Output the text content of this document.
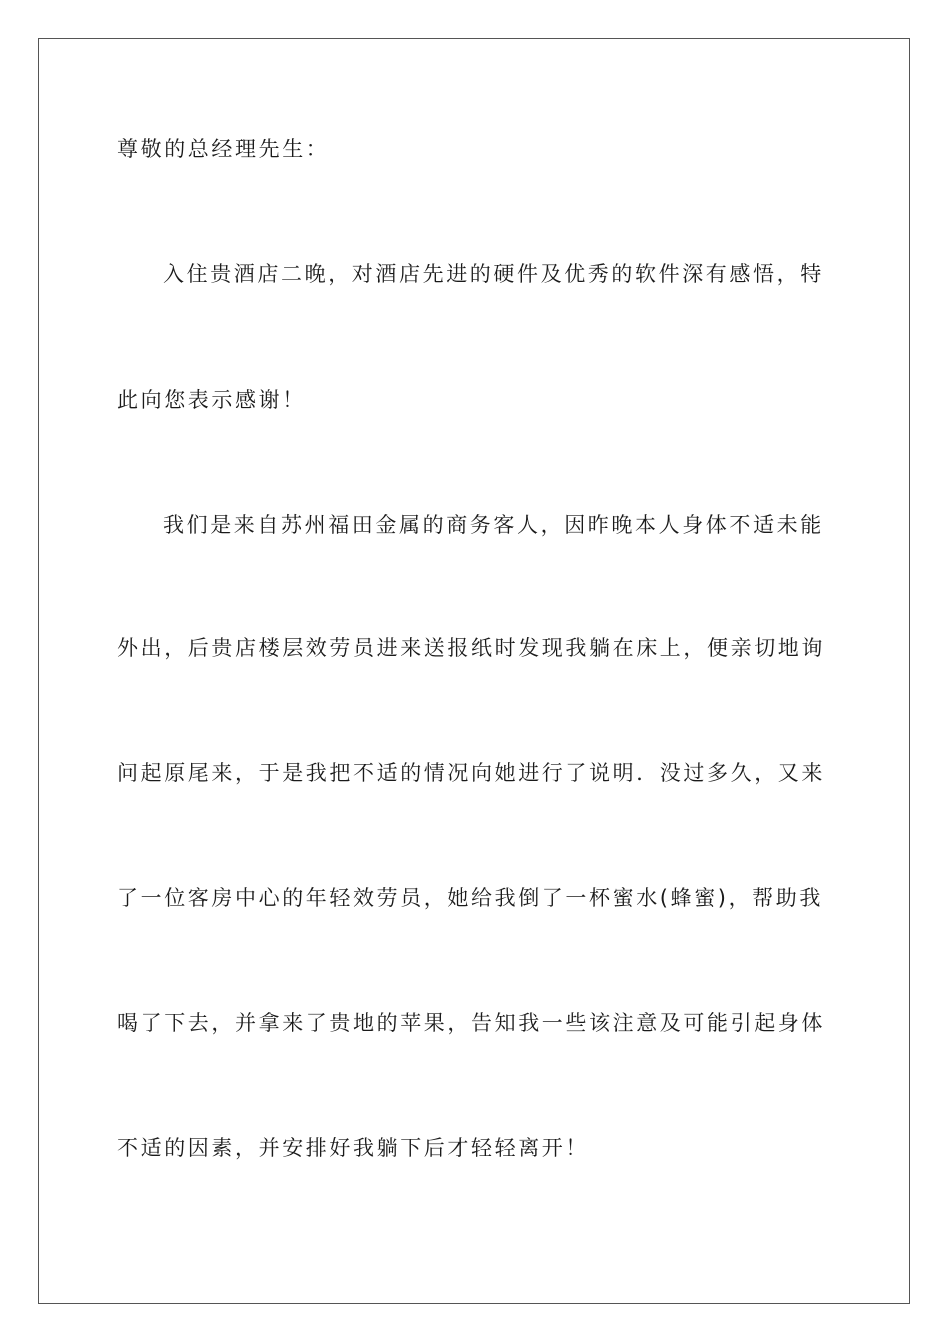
尊敬的总经理先生：
入住贵酒店二晚，对酒店先进的硬件及优秀的软件深有感悟，特
此向您表示感谢！
我们是来自苏州福田金属的商务客人，因昨晚本人身体不适未能
外出，后贵店楼层效劳员进来送报纸时发现我躺在床上，便亲切地询
问起原尾来，于是我把不适的情况向她进行了说明．没过多久，又来
了一位客房中心的年轻效劳员，她给我倒了一杯蜜水(蜂蜜)，帮助我
喝了下去，并拿来了贵地的苹果，告知我一些该注意及可能引起身体
不适的因素，并安排好我躺下后才轻轻离开！
